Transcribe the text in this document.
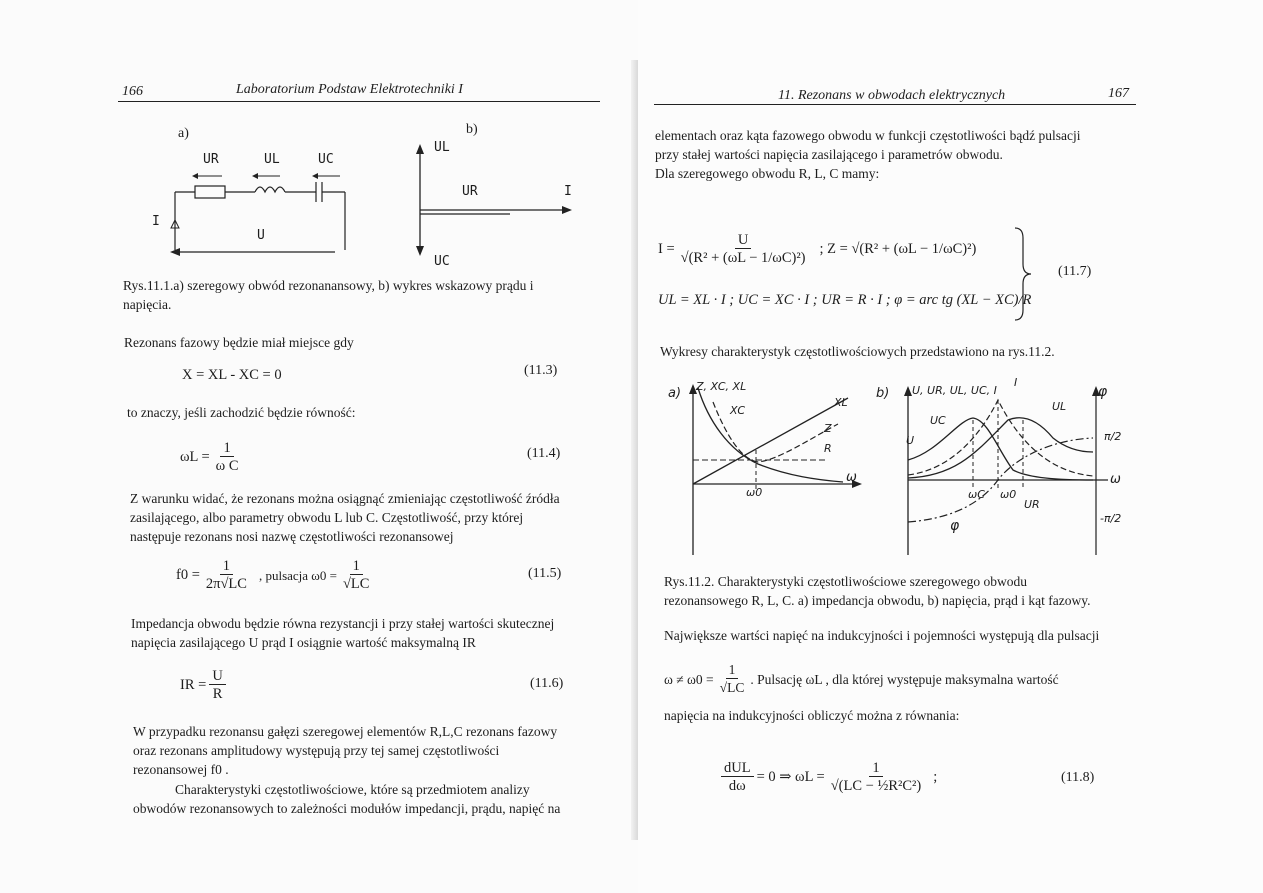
166	Laboratorium Podstaw Elektrotechniki I
a)
UR	UL	UC
I
U
b)
UL
UR	I
UC
Rys.11.1.a) szeregowy obwód rezonanansowy, b) wykres wskazowy prądu i
napięcia.
Rezonans fazowy będzie miał miejsce gdy
X = XL - XC = 0	(11.3)
to znaczy, jeśli zachodzić będzie równość:
$\omega L = \frac{1}{\text{ω C}}$	(11.4)
Z warunku widać, że rezonans można osiągnąć zmieniając częstotliwość źródła
zasilającego, albo parametry obwodu L lub C. Częstotliwość, przy której
następuje rezonans nosi nazwę częstotliwości rezonansowej
$f0 = \frac{1}{2\pi√LC}$ , pulsacja $\omega 0 = \frac{1}{√LC}$	(11.5)
Impedancja obwodu będzie równa rezystancji i przy stałej wartości skutecznej
napięcia zasilającego U prąd I osiągnie wartość maksymalną IR
IR = $\frac{U}{R}$	(11.6)
W przypadku rezonansu gałęzi szeregowej elementów R,L,C rezonans fazowy
oraz rezonans amplitudowy występują przy tej samej częstotliwości
rezonansowej f0 .
Charakterystyki częstotliwościowe, które są przedmiotem analizy
obwodów rezonansowych to zależności modułów impedancji, prądu, napięć na
11. Rezonans w obwodach elektrycznych	167
elementach oraz kąta fazowego obwodu w funkcji częstotliwości bądź pulsacji
przy stałej wartości napięcia zasilającego i parametrów obwodu.
Dla szeregowego obwodu R, L, C mamy:
$I = \frac{U}{\text{√(R² + (ωL − 1/ωC)²)}}$ ; Z = √(R² + (ωL − 1/ωC)²)
UL = XL · I ; UC = XC · I ; UR = R · I ; φ = arc tg (XL − XC)/R
(11.7)
Wykresy charakterystyk częstotliwościowych przedstawiono na rys.11.2.
a) Z, XC, XL
XC
XL
Z
R
ω
ω0
b) U, UR, UL, UC, I
I
UC
UL
U
φ
π/2
ω
ωC ω0
UR
-π/2
φ
Rys.11.2. Charakterystyki częstotliwościowe szeregowego obwodu
rezonansowego R, L, C. a) impedancja obwodu, b) napięcia, prąd i kąt fazowy.
Największe wartści napięć na indukcyjności i pojemności występują dla pulsacji
$\omega \ne \omega 0 = \frac{1}{√LC}$ . Pulsację ωL , dla której występuje maksymalna wartość
napięcia na indukcyjności obliczyć można z równania:
$\frac{\text{dUL}}{d\omega} = 0$ ⇒ $\omega L = \frac{1}{\text{√(LC − ½R²C²)}}$ ;	(11.8)
